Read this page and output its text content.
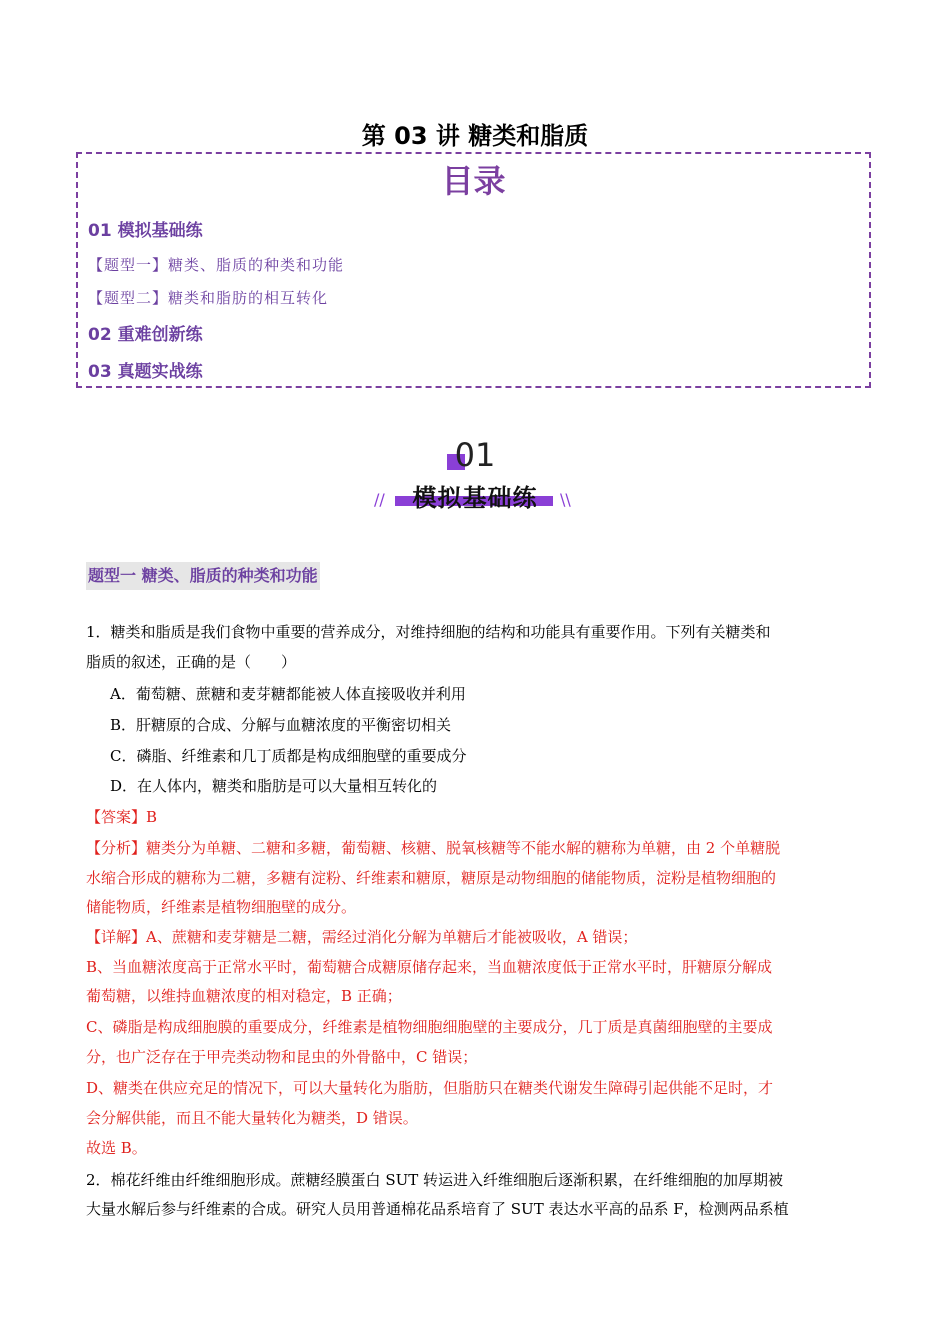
第 03 讲 糖类和脂质
目录
01 模拟基础练
【题型一】糖类、脂质的种类和功能
【题型二】糖类和脂肪的相互转化
02 重难创新练
03 真题实战练
01
模拟基础练
//	\\
题型一 糖类、脂质的种类和功能
1．糖类和脂质是我们食物中重要的营养成分，对维持细胞的结构和功能具有重要作用。下列有关糖类和
脂质的叙述，正确的是（　　）
A．葡萄糖、蔗糖和麦芽糖都能被人体直接吸收并利用
B．肝糖原的合成、分解与血糖浓度的平衡密切相关
C．磷脂、纤维素和几丁质都是构成细胞壁的重要成分
D．在人体内，糖类和脂肪是可以大量相互转化的
【答案】B
【分析】糖类分为单糖、二糖和多糖，葡萄糖、核糖、脱氧核糖等不能水解的糖称为单糖，由 2 个单糖脱
水缩合形成的糖称为二糖，多糖有淀粉、纤维素和糖原，糖原是动物细胞的储能物质，淀粉是植物细胞的
储能物质，纤维素是植物细胞壁的成分。
【详解】A、蔗糖和麦芽糖是二糖，需经过消化分解为单糖后才能被吸收，A 错误；
B、当血糖浓度高于正常水平时，葡萄糖合成糖原储存起来，当血糖浓度低于正常水平时，肝糖原分解成
葡萄糖，以维持血糖浓度的相对稳定，B 正确；
C、磷脂是构成细胞膜的重要成分，纤维素是植物细胞细胞壁的主要成分，几丁质是真菌细胞壁的主要成
分，也广泛存在于甲壳类动物和昆虫的外骨骼中，C 错误；
D、糖类在供应充足的情况下，可以大量转化为脂肪，但脂肪只在糖类代谢发生障碍引起供能不足时，才
会分解供能，而且不能大量转化为糖类，D 错误。
故选 B。
2．棉花纤维由纤维细胞形成。蔗糖经膜蛋白 SUT 转运进入纤维细胞后逐渐积累，在纤维细胞的加厚期被
大量水解后参与纤维素的合成。研究人员用普通棉花品系培育了 SUT 表达水平高的品系 F，检测两品系植
